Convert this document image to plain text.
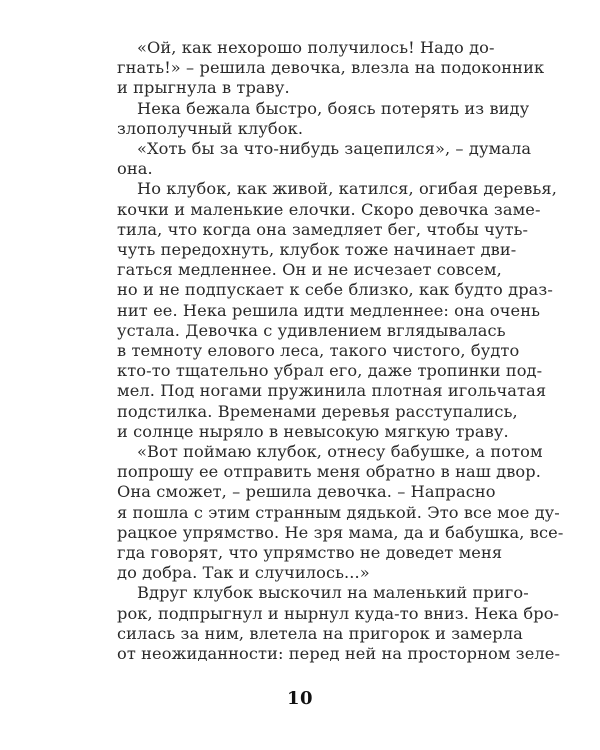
«Ой, как нехорошо получилось! Надо до-
гнать!» – решила девочка, влезла на подоконник
и прыгнула в траву.
Нека бежала быстро, боясь потерять из виду
злополучный клубок.
«Хоть бы за что-нибудь зацепился», – думала
она.
Но клубок, как живой, катился, огибая деревья,
кочки и маленькие елочки. Скоро девочка заме-
тила, что когда она замедляет бег, чтобы чуть-
чуть передохнуть, клубок тоже начинает дви-
гаться медленнее. Он и не исчезает совсем,
но и не подпускает к себе близко, как будто драз-
нит ее. Нека решила идти медленнее: она очень
устала. Девочка с удивлением вглядывалась
в темноту елового леса, такого чистого, будто
кто-то тщательно убрал его, даже тропинки под-
мел. Под ногами пружинила плотная игольчатая
подстилка. Временами деревья расступались,
и солнце ныряло в невысокую мягкую траву.
«Вот поймаю клубок, отнесу бабушке, а потом
попрошу ее отправить меня обратно в наш двор.
Она сможет, – решила девочка. – Напрасно
я пошла с этим странным дядькой. Это все мое ду-
рацкое упрямство. Не зря мама, да и бабушка, все-
гда говорят, что упрямство не доведет меня
до добра. Так и случилось...»
Вдруг клубок выскочил на маленький приго-
рок, подпрыгнул и нырнул куда-то вниз. Нека бро-
силась за ним, влетела на пригорок и замерла
от неожиданности: перед ней на просторном зеле-
10
